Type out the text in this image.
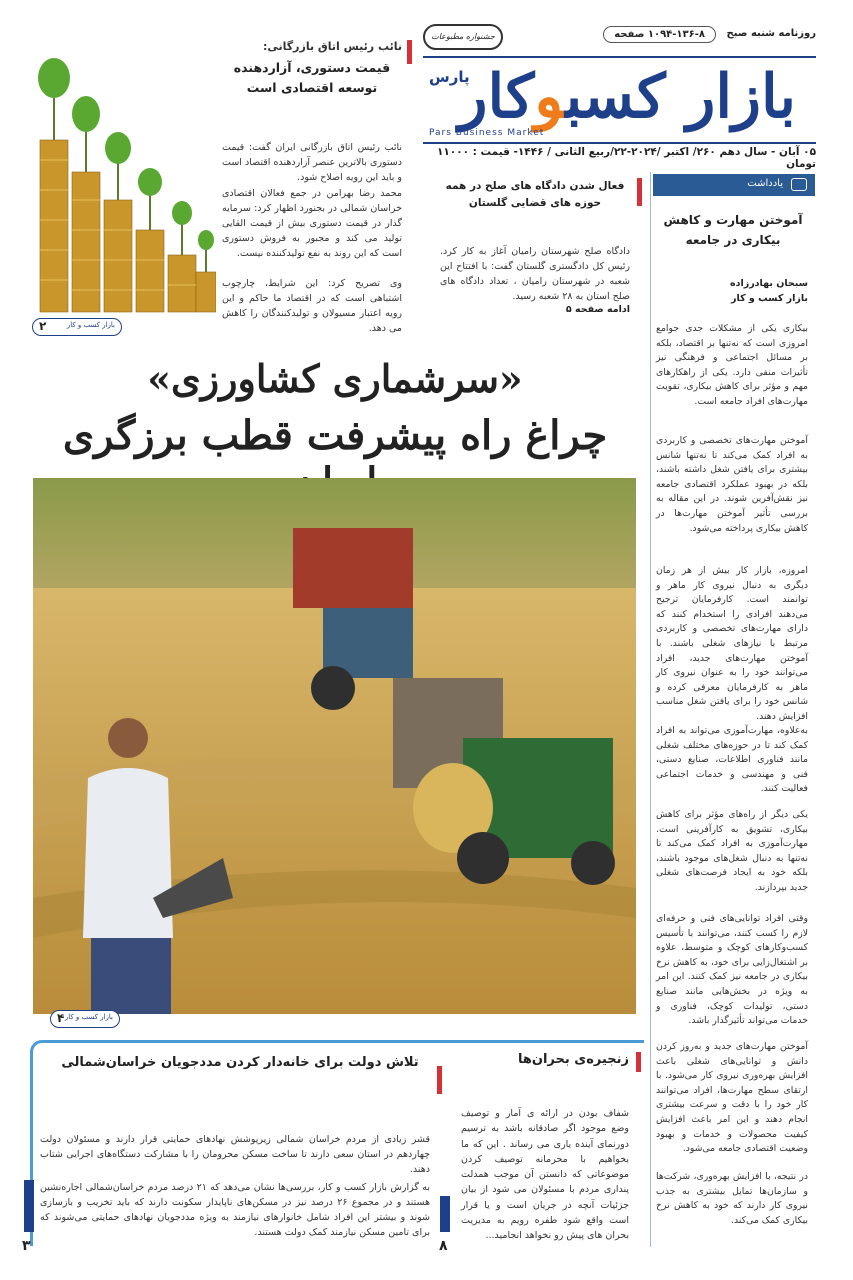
روزنامه شنبه صبح
۱۰۹۴-۱۳۶-۸ صفحه
جشنواره مطبوعات
بازار کسبوکار
پارس
Pars Business Market
۰۵ آبان - سال دهم ۲۶۰/ اکتبر /۲۰۲۴-۲۲/ربیع الثانی / ۱۴۴۶- قیمت : ۱۱۰۰۰ تومان
نائب رئیس اتاق بازرگانی:
قیمت دستوری، آزاردهنده توسعه اقتصادی است

نائب رئیس اتاق بازرگانی ایران گفت: قیمت دستوری بالاترین عنصر آزاردهنده اقتصاد است و باید این رویه اصلاح شود.

محمد رضا بهرامن در جمع فعالان اقتصادی خراسان شمالی در بجنورد اظهار کرد: سرمایه گذار در قیمت دستوری بیش از قیمت القایی تولید می کند و مجبور به فروش دستوری است که این روند به نفع تولیدکننده نیست.

وی تصریح کرد: این شرایط، چارچوب اشتباهی است که در اقتصاد ما حاکم و این رویه اعتبار مسیولان و تولیدکنندگان را کاهش می دهد.

۲	بازار کسب و کار
فعال شدن دادگاه های صلح در همه حوزه های قضایی گلستان

دادگاه صلح شهرستان رامیان آغاز به کار کرد. رئیس کل دادگستری گلستان گفت: با افتتاح این شعبه در شهرستان رامیان ، تعداد دادگاه های صلح استان به ۲۸ شعبه رسید.

ادامه صفحه ۵
یادداشت
آموختن مهارت و کاهش بیکاری در جامعه
سبحان بهادرزاده
بازار کسب و کار

بیکاری یکی از مشکلات جدی جوامع امروزی است که نه‌تنها بر اقتصاد، بلکه بر مسائل اجتماعی و فرهنگی نیز تأثیرات منفی دارد. یکی از راهکارهای مهم و مؤثر برای کاهش بیکاری، تقویت مهارت‌های افراد جامعه است.

آموختن مهارت‌های تخصصی و کاربردی به افراد کمک می‌کند تا نه‌تنها شانس بیشتری برای یافتن شغل داشته باشند، بلکه در بهبود عملکرد اقتصادی جامعه نیز نقش‌آفرین شوند. در این مقاله به بررسی تأثیر آموختن مهارت‌ها در کاهش بیکاری پرداخته می‌شود.

امروزه، بازار کار بیش از هر زمان دیگری به دنبال نیروی کار ماهر و توانمند است. کارفرمایان ترجیح می‌دهند افرادی را استخدام کنند که دارای مهارت‌های تخصصی و کاربردی مرتبط با نیازهای شغلی باشند. با آموختن مهارت‌های جدید، افراد می‌توانند خود را به عنوان نیروی کار ماهر به کارفرمایان معرفی کرده و شانس خود را برای یافتن شغل مناسب افزایش دهند.

به‌علاوه، مهارت‌آموزی می‌تواند به افراد کمک کند تا در حوزه‌های مختلف شغلی مانند فناوری اطلاعات، صنایع دستی، فنی و مهندسی و خدمات اجتماعی فعالیت کنند.

یکی دیگر از راه‌های مؤثر برای کاهش بیکاری، تشویق به کارآفرینی است. مهارت‌آموزی به افراد کمک می‌کند تا نه‌تنها به دنبال شغل‌های موجود باشند، بلکه خود به ایجاد فرصت‌های شغلی جدید بپردازند.

وقتی افراد توانایی‌های فنی و حرفه‌ای لازم را کسب کنند، می‌توانند با تأسیس کسب‌وکارهای کوچک و متوسط، علاوه بر اشتغال‌زایی برای خود، به کاهش نرخ بیکاری در جامعه نیز کمک کنند. این امر به ویژه در بخش‌هایی مانند صنایع دستی، تولیدات کوچک، فناوری و خدمات می‌تواند تأثیرگذار باشد.

آموختن مهارت‌های جدید و به‌روز کردن دانش و توانایی‌های شغلی باعث افزایش بهره‌وری نیروی کار می‌شود. با ارتقای سطح مهارت‌ها، افراد می‌توانند کار خود را با دقت و سرعت بیشتری انجام دهند و این امر باعث افزایش کیفیت محصولات و خدمات و بهبود وضعیت اقتصادی جامعه می‌شود.

در نتیجه، با افزایش بهره‌وری، شرکت‌ها و سازمان‌ها تمایل بیشتری به جذب نیروی کار دارند که خود به کاهش نرخ بیکاری کمک می‌کند.

«سرشماری کشاورزی»
چراغ راه پیشرفت قطب برزگری
۴ بازار کسب و کار
زنجیره‌ی بحران‌ها

شفاف بودن در ارائه ی آمار و توصیف وضع موجود اگر صادقانه باشد به ترسیم دورنمای آینده یاری می رساند . این که ما بخواهیم با محرمانه توصیف کردن موضوعاتی که دانستن آن موجب همدلت پنداری مردم با مسئولان می شود از بیان جزئیات آنچه در جریان است و یا قرار است واقع شود طفره رویم به مدیریت بحران های پیش رو نخواهد انجامید...

۸
تلاش دولت برای خانه‌دار کردن مددجویان خراسان‌شمالی

قشر زیادی از مردم خراسان شمالی زیرپوشش نهادهای حمایتی قرار دارند و مسئولان دولت چهاردهم در استان سعی دارند تا ساخت مسکن محرومان را با مشارکت دستگاه‌های اجرایی شتاب دهند.

به گزارش بازار کسب و کار، بررسی‌ها نشان می‌دهد که ۲۱ درصد مردم خراسان‌شمالی اجاره‌نشین هستند و در مجموع ۲۶ درصد نیز در مسکن‌های ناپایدار سکونت دارند که باید تخریب و بازسازی شوند و بیشتر این افراد شامل خانوارهای نیازمند به ویژه مددجویان نهادهای حمایتی می‌شوند که برای تامین مسکن نیازمند کمک دولت هستند.

۳
